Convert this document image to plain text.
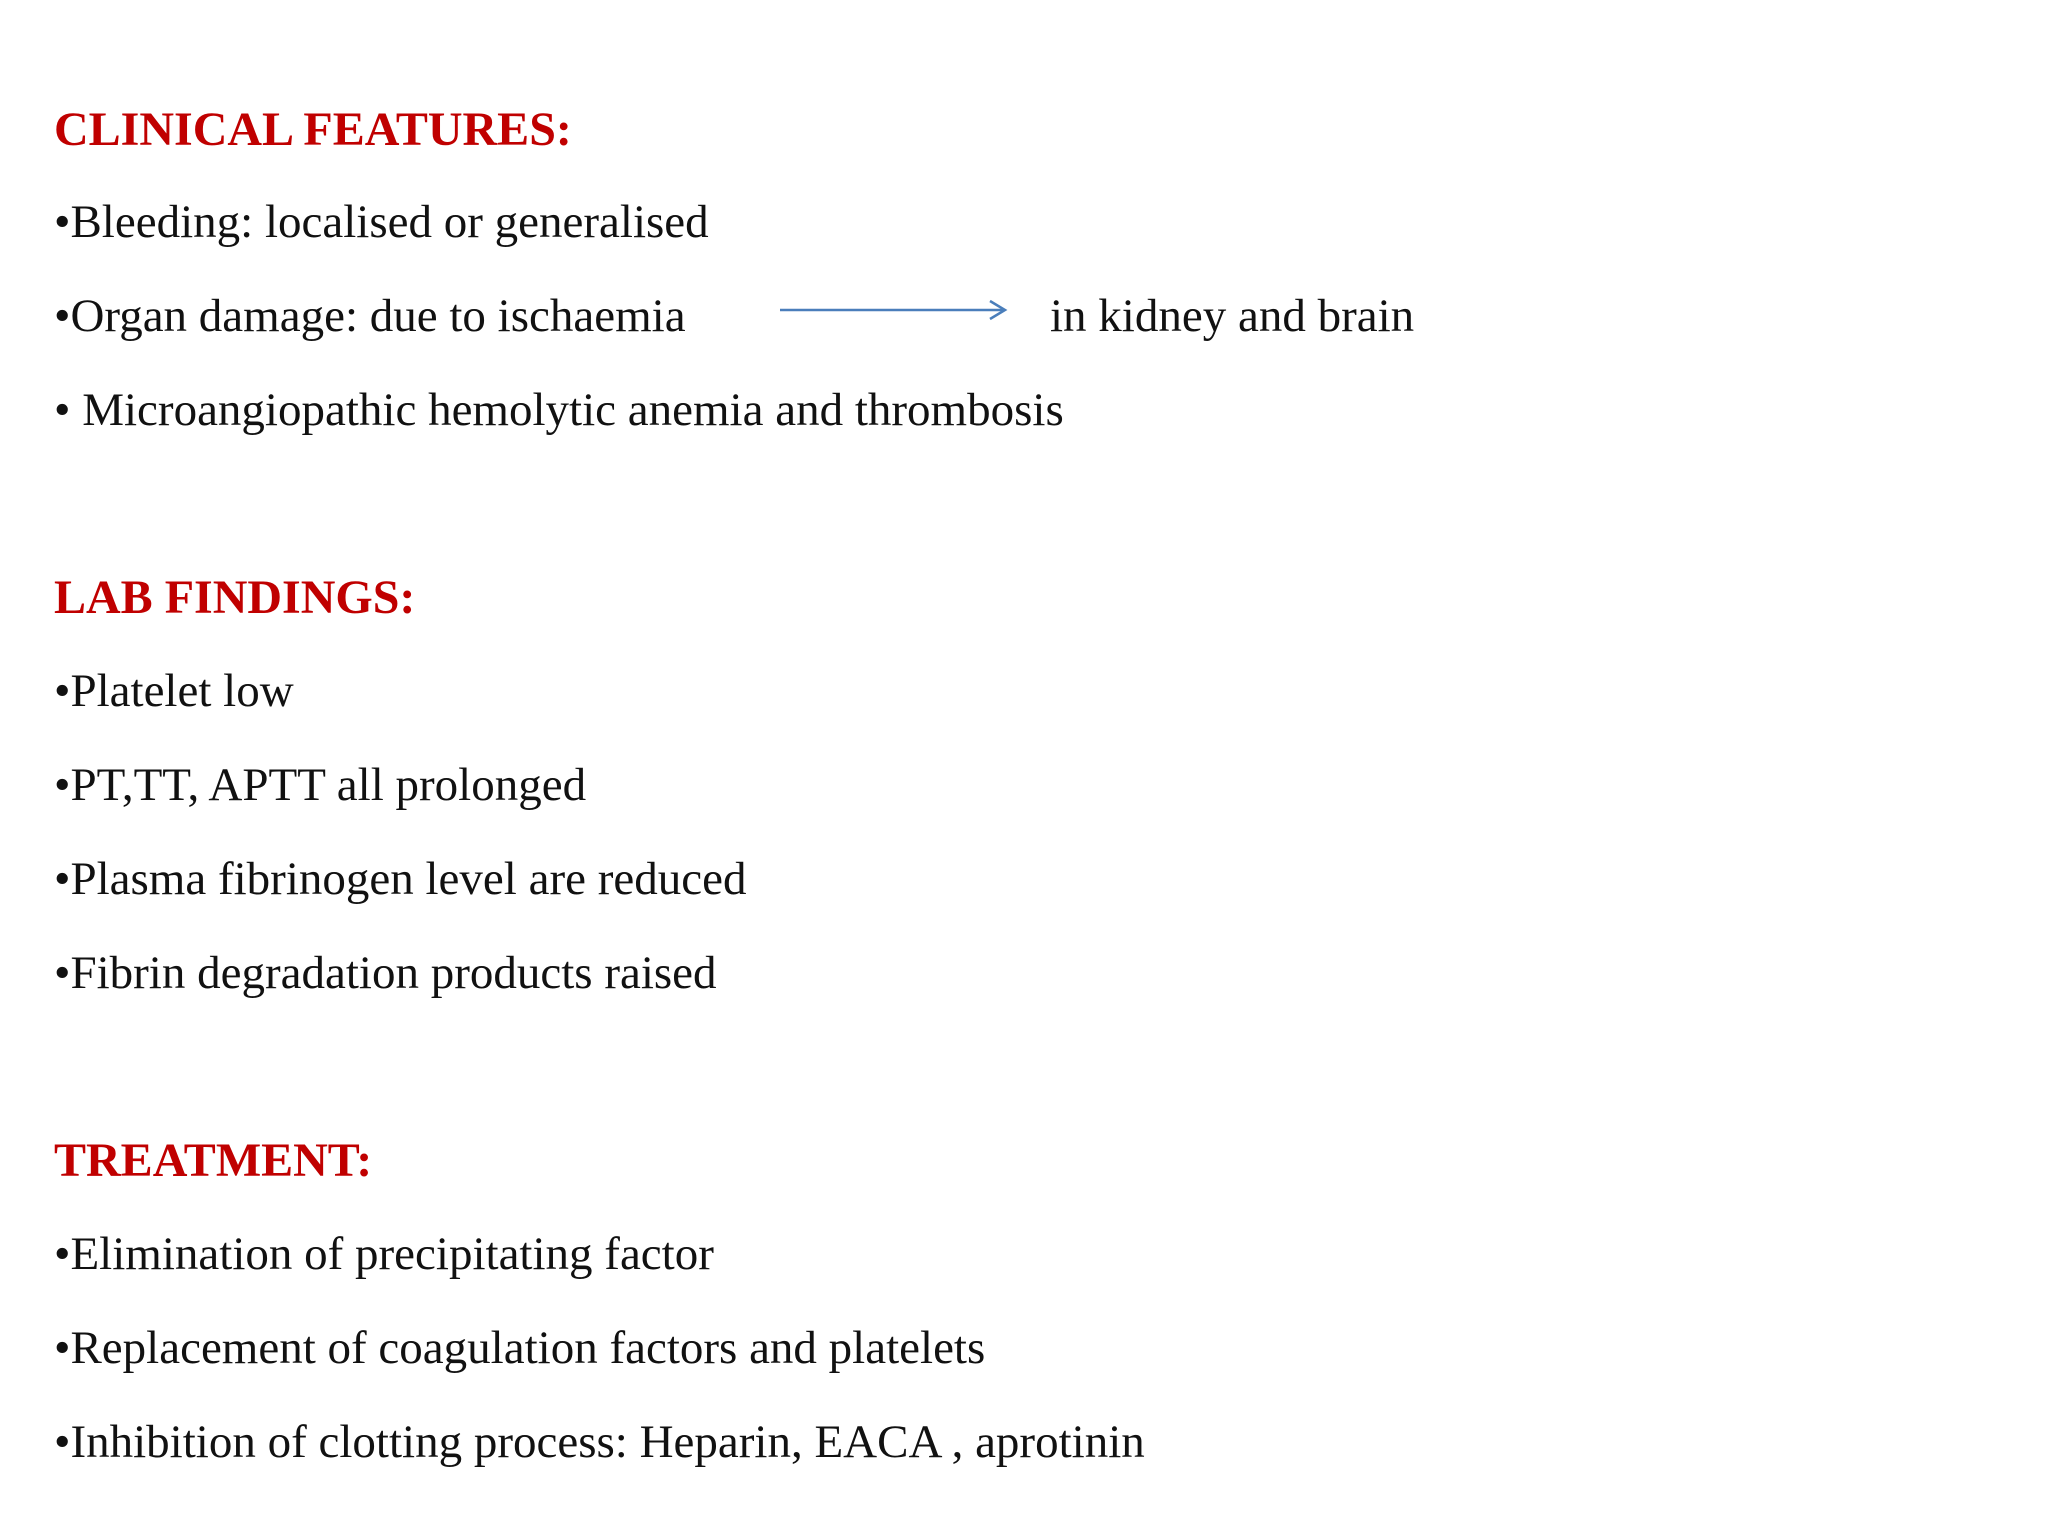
CLINICAL FEATURES:
•Bleeding: localised or generalised
•Organ damage: due to ischaemia	in kidney and brain
• Microangiopathic hemolytic anemia and thrombosis
LAB FINDINGS:
•Platelet low
•PT,TT, APTT all prolonged
•Plasma fibrinogen level are reduced
•Fibrin degradation products raised
TREATMENT:
•Elimination of precipitating factor
•Replacement of coagulation factors and platelets
•Inhibition of clotting process: Heparin, EACA , aprotinin
